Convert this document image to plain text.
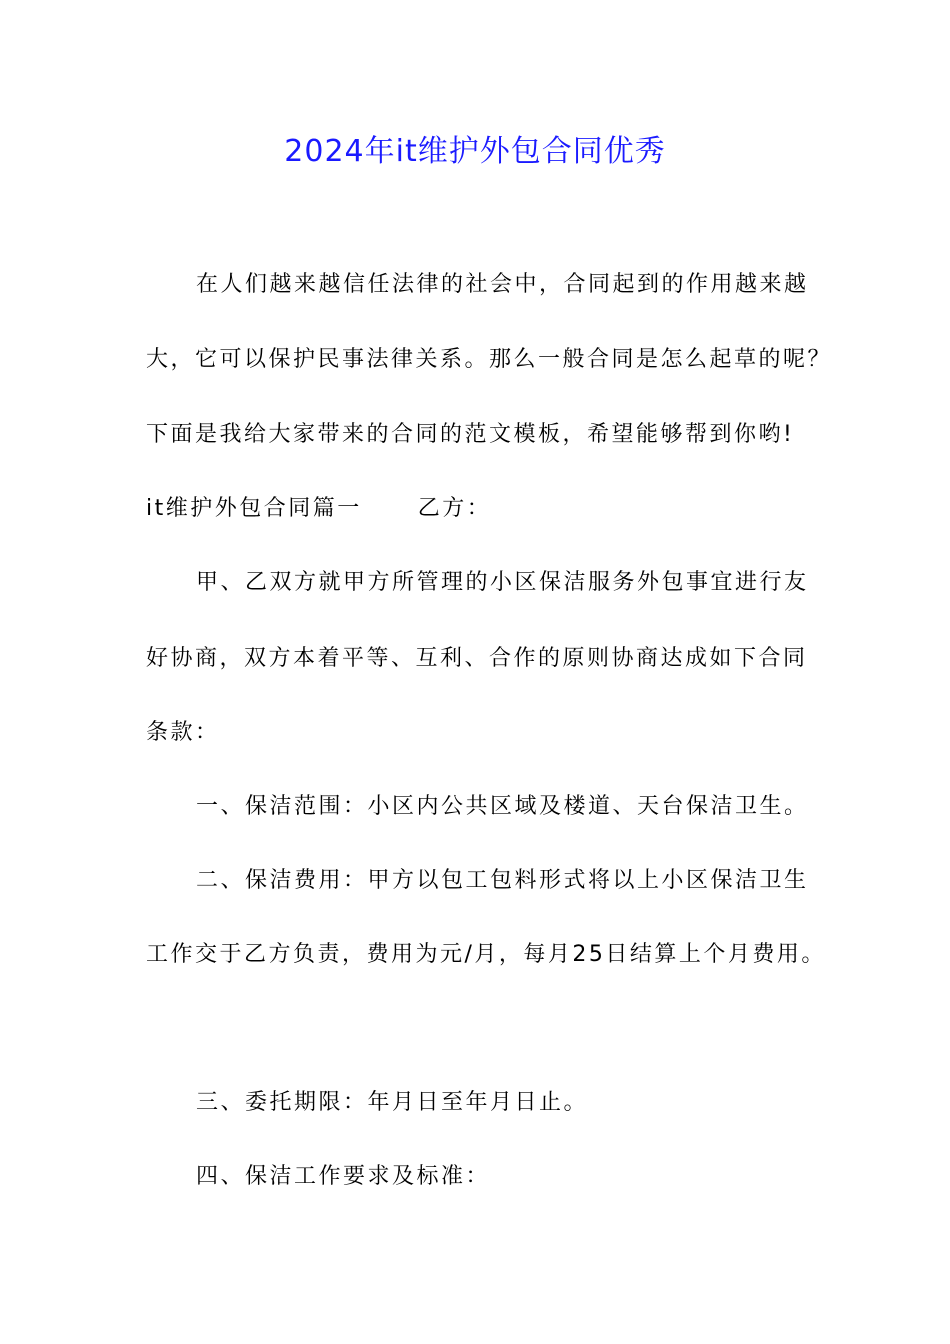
2024年it维护外包合同优秀
在人们越来越信任法律的社会中，合同起到的作用越来越
大，它可以保护民事法律关系。那么一般合同是怎么起草的呢？
下面是我给大家带来的合同的范文模板，希望能够帮到你哟!
it维护外包合同篇一	乙方：
甲、乙双方就甲方所管理的小区保洁服务外包事宜进行友
好协商，双方本着平等、互利、合作的原则协商达成如下合同
条款：
一、保洁范围：小区内公共区域及楼道、天台保洁卫生。
二、保洁费用：甲方以包工包料形式将以上小区保洁卫生
工作交于乙方负责，费用为元/月，每月25日结算上个月费用。
三、委托期限：年月日至年月日止。
四、保洁工作要求及标准：
